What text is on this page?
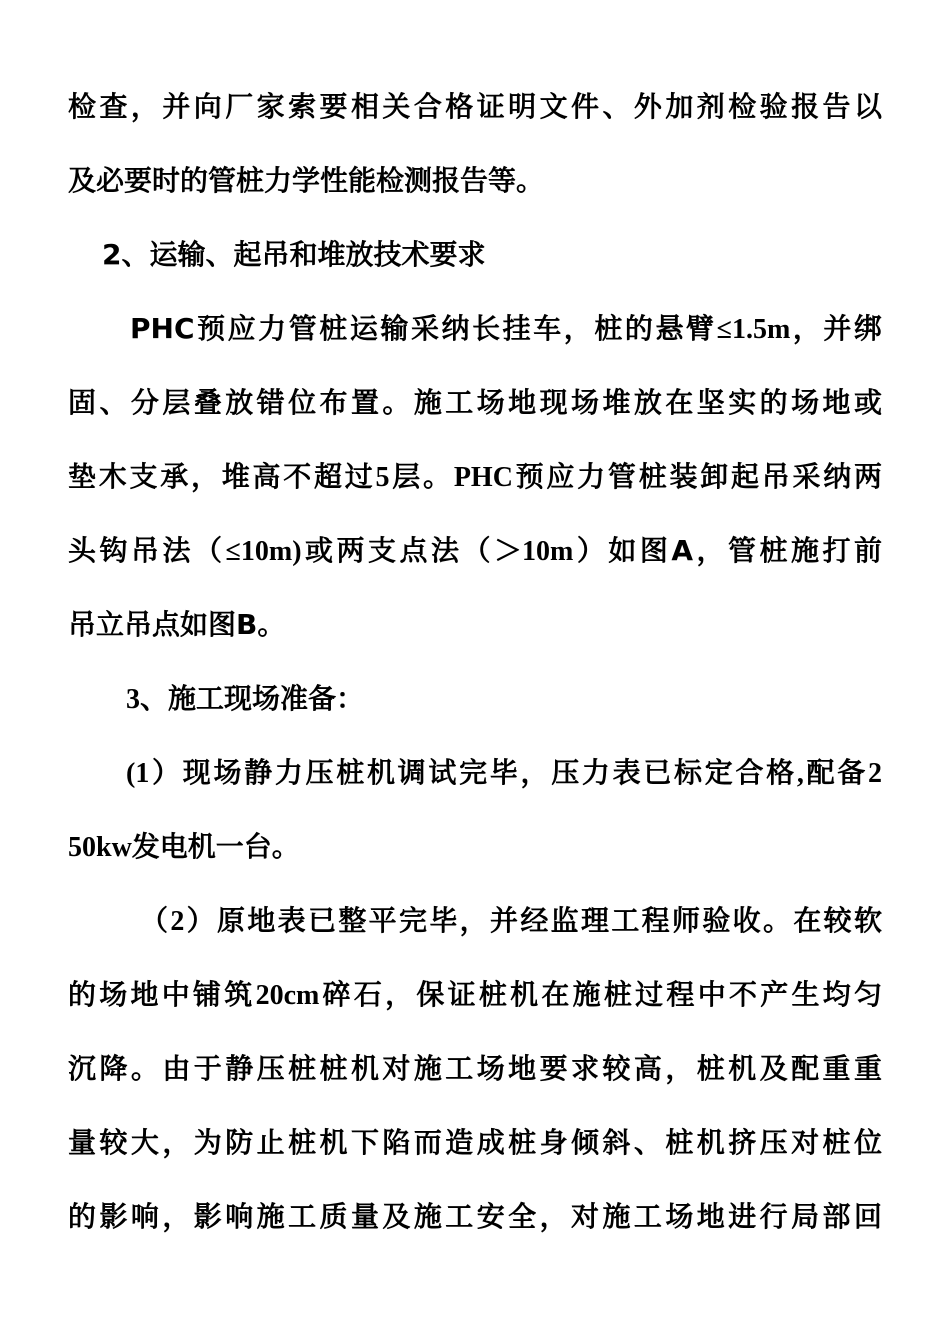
检查，并向厂家索要相关合格证明文件、外加剂检验报告以
及必要时的管桩力学性能检测报告等。
2、运输、起吊和堆放技术要求
PHC预应力管桩运输采纳长挂车，桩的悬臂≤1.5m，并绑
固、分层叠放错位布置。施工场地现场堆放在坚实的场地或
垫木支承，堆高不超过5层。PHC预应力管桩装卸起吊采纳两
头钩吊法（≤10m)或两支点法（＞10m）如图A，管桩施打前
吊立吊点如图B。
3、施工现场准备：
(1）现场静力压桩机调试完毕，压力表已标定合格,配备2
50kw发电机一台。
（2）原地表已整平完毕，并经监理工程师验收。在较软
的场地中铺筑20cm碎石，保证桩机在施桩过程中不产生均匀
沉降。由于静压桩桩机对施工场地要求较高，桩机及配重重
量较大，为防止桩机下陷而造成桩身倾斜、桩机挤压对桩位
的影响，影响施工质量及施工安全，对施工场地进行局部回
